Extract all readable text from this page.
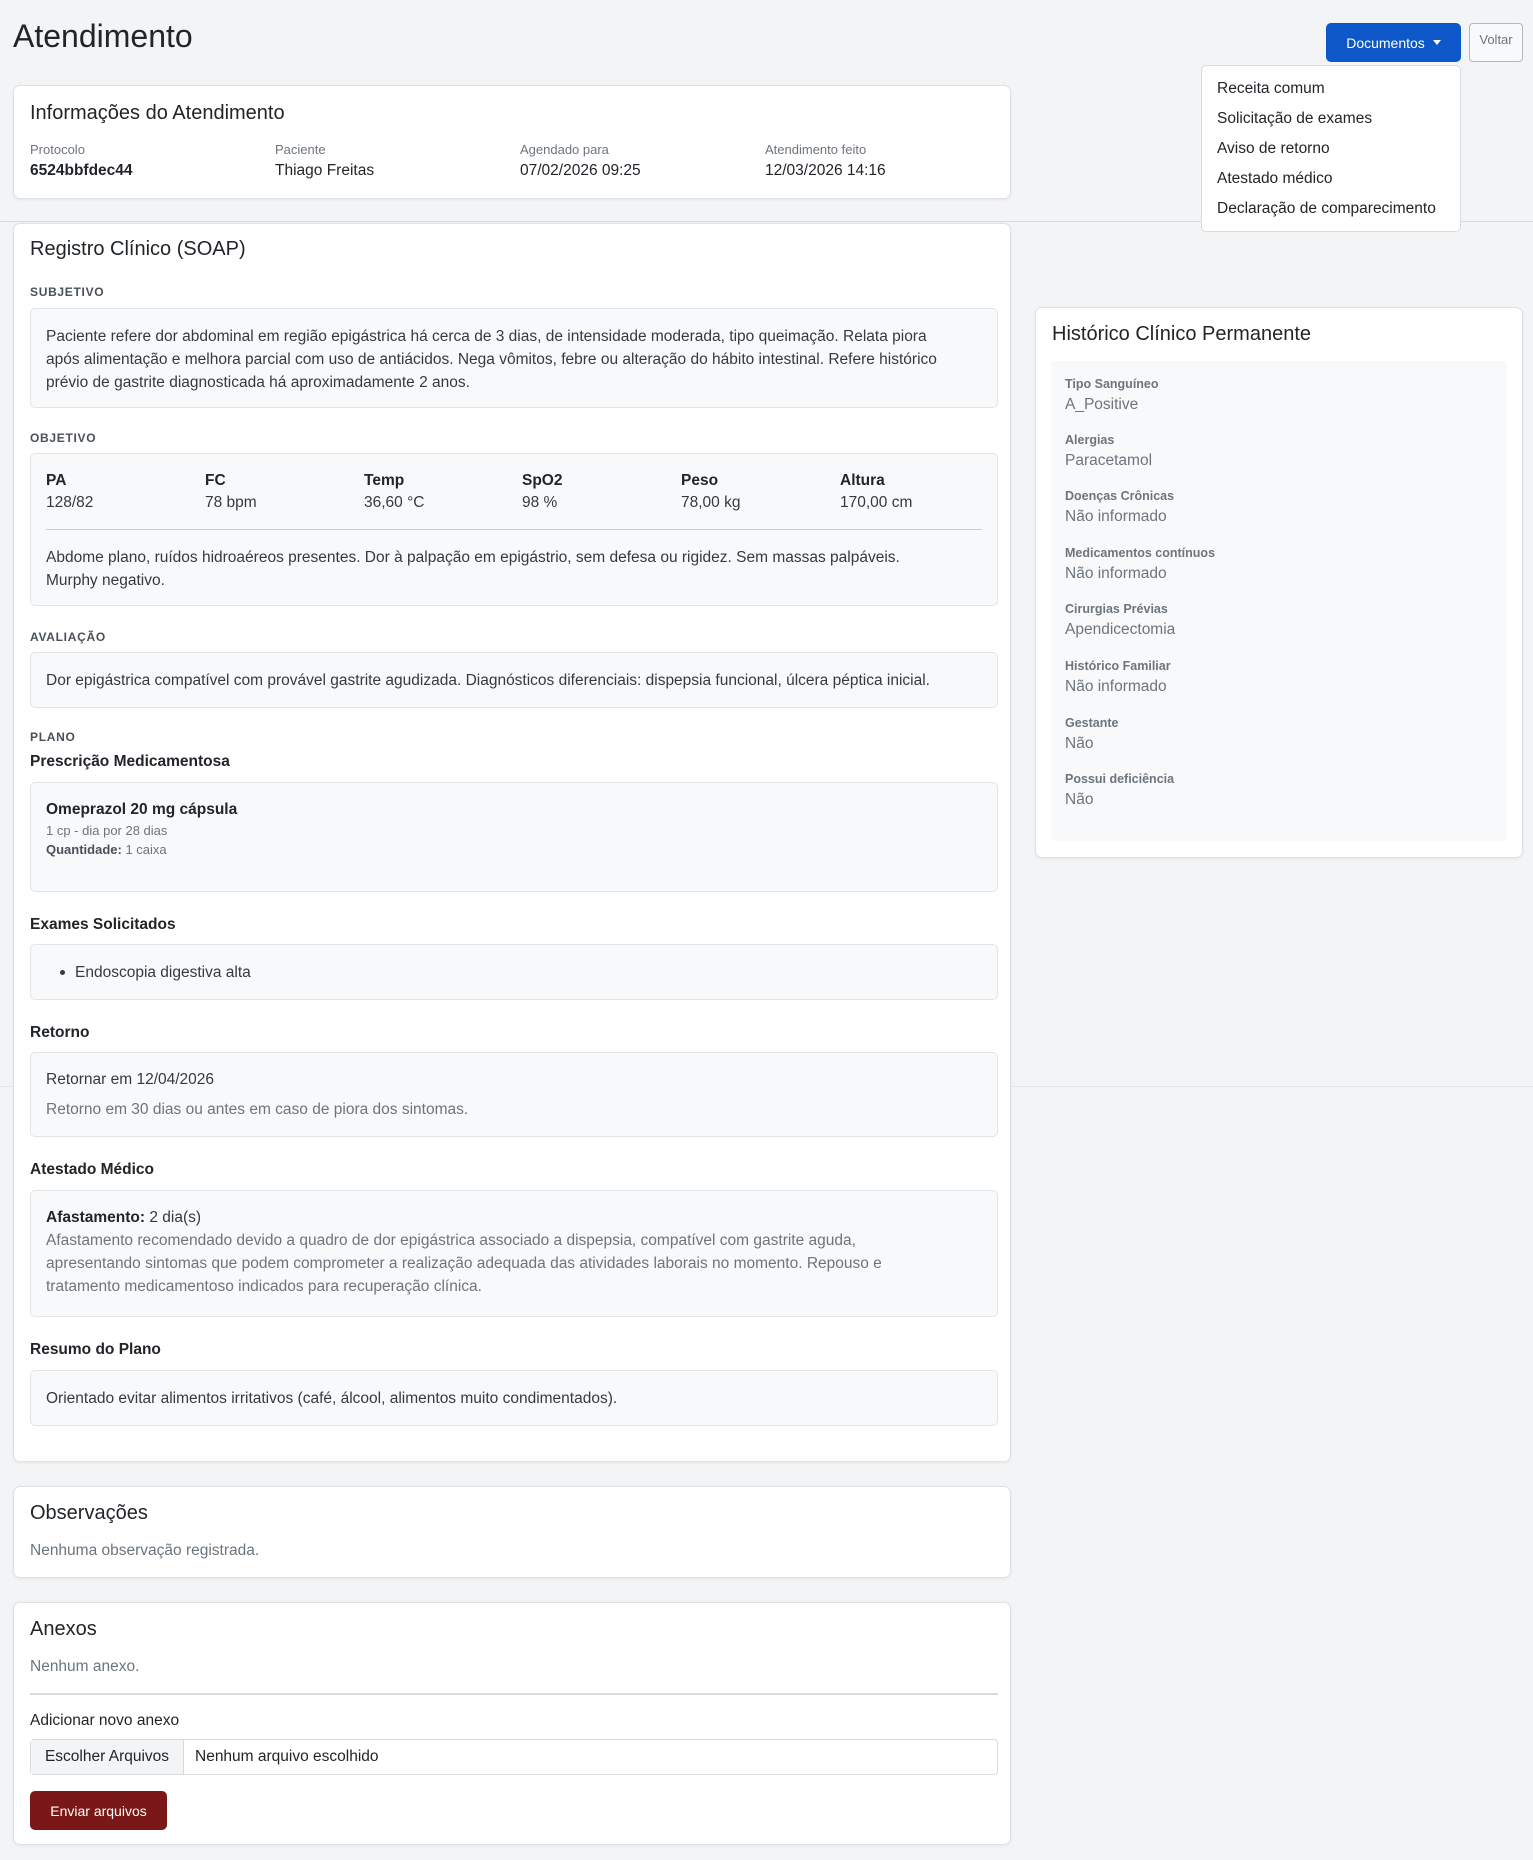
Atendimento	Documentos	Voltar
Receita comum
Solicitação de exames
Aviso de retorno
Atestado médico
Declaração de comparecimento
Informações do Atendimento
Protocolo
6524bbfdec44
Paciente
Thiago Freitas
Agendado para
07/02/2026 09:25
Atendimento feito
12/03/2026 14:16
Registro Clínico (SOAP)
SUBJETIVO
Paciente refere dor abdominal em região epigástrica há cerca de 3 dias, de intensidade moderada, tipo queimação. Relata piora
após alimentação e melhora parcial com uso de antiácidos. Nega vômitos, febre ou alteração do hábito intestinal. Refere histórico
prévio de gastrite diagnosticada há aproximadamente 2 anos.
OBJETIVO
PA
128/82
FC
78 bpm
Temp
36,60 °C
SpO2
98 %
Peso
78,00 kg
Altura
170,00 cm
Abdome plano, ruídos hidroaéreos presentes. Dor à palpação em epigástrio, sem defesa ou rigidez. Sem massas palpáveis.
Murphy negativo.
AVALIAÇÃO
Dor epigástrica compatível com provável gastrite agudizada. Diagnósticos diferenciais: dispepsia funcional, úlcera péptica inicial.
PLANO
Prescrição Medicamentosa
Omeprazol 20 mg cápsula
1 cp - dia por 28 dias
Quantidade: 1 caixa
Exames Solicitados
Endoscopia digestiva alta
Retorno
Retornar em 12/04/2026
Retorno em 30 dias ou antes em caso de piora dos sintomas.
Atestado Médico
Afastamento: 2 dia(s)
Afastamento recomendado devido a quadro de dor epigástrica associado a dispepsia, compatível com gastrite aguda,
apresentando sintomas que podem comprometer a realização adequada das atividades laborais no momento. Repouso e
tratamento medicamentoso indicados para recuperação clínica.
Resumo do Plano
Orientado evitar alimentos irritativos (café, álcool, alimentos muito condimentados).
Histórico Clínico Permanente
Tipo Sanguíneo
A_Positive
Alergias
Paracetamol
Doenças Crônicas
Não informado
Medicamentos contínuos
Não informado
Cirurgias Prévias
Apendicectomia
Histórico Familiar
Não informado
Gestante
Não
Possui deficiência
Não
Observações
Nenhuma observação registrada.
Anexos
Nenhum anexo.
Adicionar novo anexo
Escolher Arquivos	Nenhum arquivo escolhido
Enviar arquivos
